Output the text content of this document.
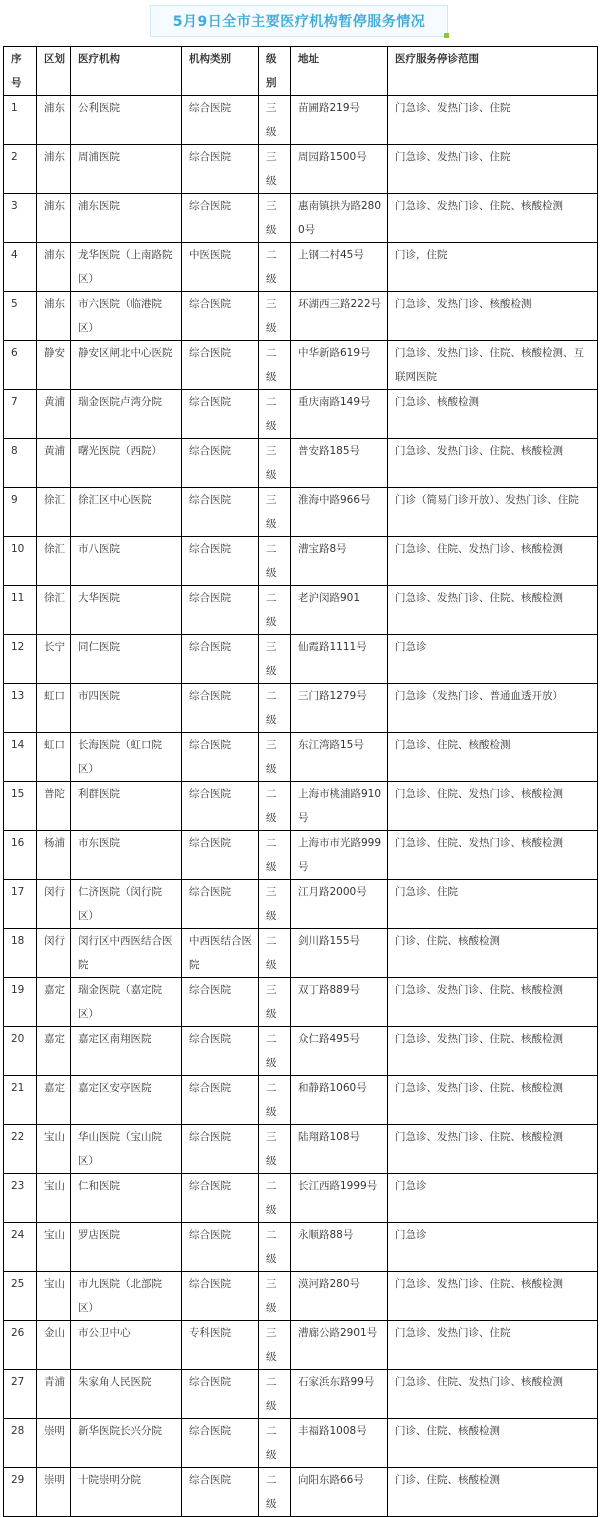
5月9日全市主要医疗机构暂停服务情况
序号	区划	医疗机构	机构类别	级别	地址	医疗服务停诊范围
1	浦东	公利医院	综合医院	三级	苗圃路219号	门急诊、发热门诊、住院
2	浦东	周浦医院	综合医院	三级	周园路1500号	门急诊、发热门诊、住院
3	浦东	浦东医院	综合医院	三级	惠南镇拱为路2800号	门急诊、发热门诊、住院、核酸检测
4	浦东	龙华医院（上南路院区）	中医医院	二级	上钢二村45号	门诊，住院
5	浦东	市六医院（临港院区）	综合医院	三级	环湖西三路222号	门急诊、发热门诊、核酸检测
6	静安	静安区闸北中心医院	综合医院	二级	中华新路619号	门急诊、发热门诊、住院、核酸检测、互联网医院
7	黄浦	瑞金医院卢湾分院	综合医院	二级	重庆南路149号	门急诊、核酸检测
8	黄浦	曙光医院（西院）	综合医院	三级	普安路185号	门急诊、发热门诊、住院、核酸检测
9	徐汇	徐汇区中心医院	综合医院	三级	淮海中路966号	门诊（简易门诊开放）、发热门诊、住院
10	徐汇	市八医院	综合医院	二级	漕宝路8号	门急诊、住院、发热门诊、核酸检测
11	徐汇	大华医院	综合医院	二级	老沪闵路901	门急诊、发热门诊、住院、核酸检测
12	长宁	同仁医院	综合医院	三级	仙霞路1111号	门急诊
13	虹口	市四医院	综合医院	二级	三门路1279号	门急诊（发热门诊、普通血透开放）
14	虹口	长海医院（虹口院区）	综合医院	三级	东江湾路15号	门急诊、住院、核酸检测
15	普陀	利群医院	综合医院	二级	上海市桃浦路910号	门急诊、住院、发热门诊、核酸检测
16	杨浦	市东医院	综合医院	二级	上海市市光路999号	门急诊、住院、发热门诊、核酸检测
17	闵行	仁济医院（闵行院区）	综合医院	三级	江月路2000号	门急诊、住院
18	闵行	闵行区中西医结合医院	中西医结合医院	二级	剑川路155号	门诊、住院、核酸检测
19	嘉定	瑞金医院（嘉定院区）	综合医院	三级	双丁路889号	门急诊、发热门诊、住院、核酸检测
20	嘉定	嘉定区南翔医院	综合医院	二级	众仁路495号	门急诊、发热门诊、住院、核酸检测
21	嘉定	嘉定区安亭医院	综合医院	二级	和静路1060号	门急诊、发热门诊、住院、核酸检测
22	宝山	华山医院（宝山院区）	综合医院	三级	陆翔路108号	门急诊、发热门诊、住院、核酸检测
23	宝山	仁和医院	综合医院	二级	长江西路1999号	门急诊
24	宝山	罗店医院	综合医院	二级	永顺路88号	门急诊
25	宝山	市九医院（北部院区）	综合医院	三级	漠河路280号	门急诊、发热门诊、住院、核酸检测
26	金山	市公卫中心	专科医院	三级	漕廊公路2901号	门急诊、发热门诊、住院
27	青浦	朱家角人民医院	综合医院	二级	石家浜东路99号	门急诊、住院、发热门诊、核酸检测
28	崇明	新华医院长兴分院	综合医院	二级	丰福路1008号	门诊、住院、核酸检测
29	崇明	十院崇明分院	综合医院	二级	向阳东路66号	门诊、住院、核酸检测
